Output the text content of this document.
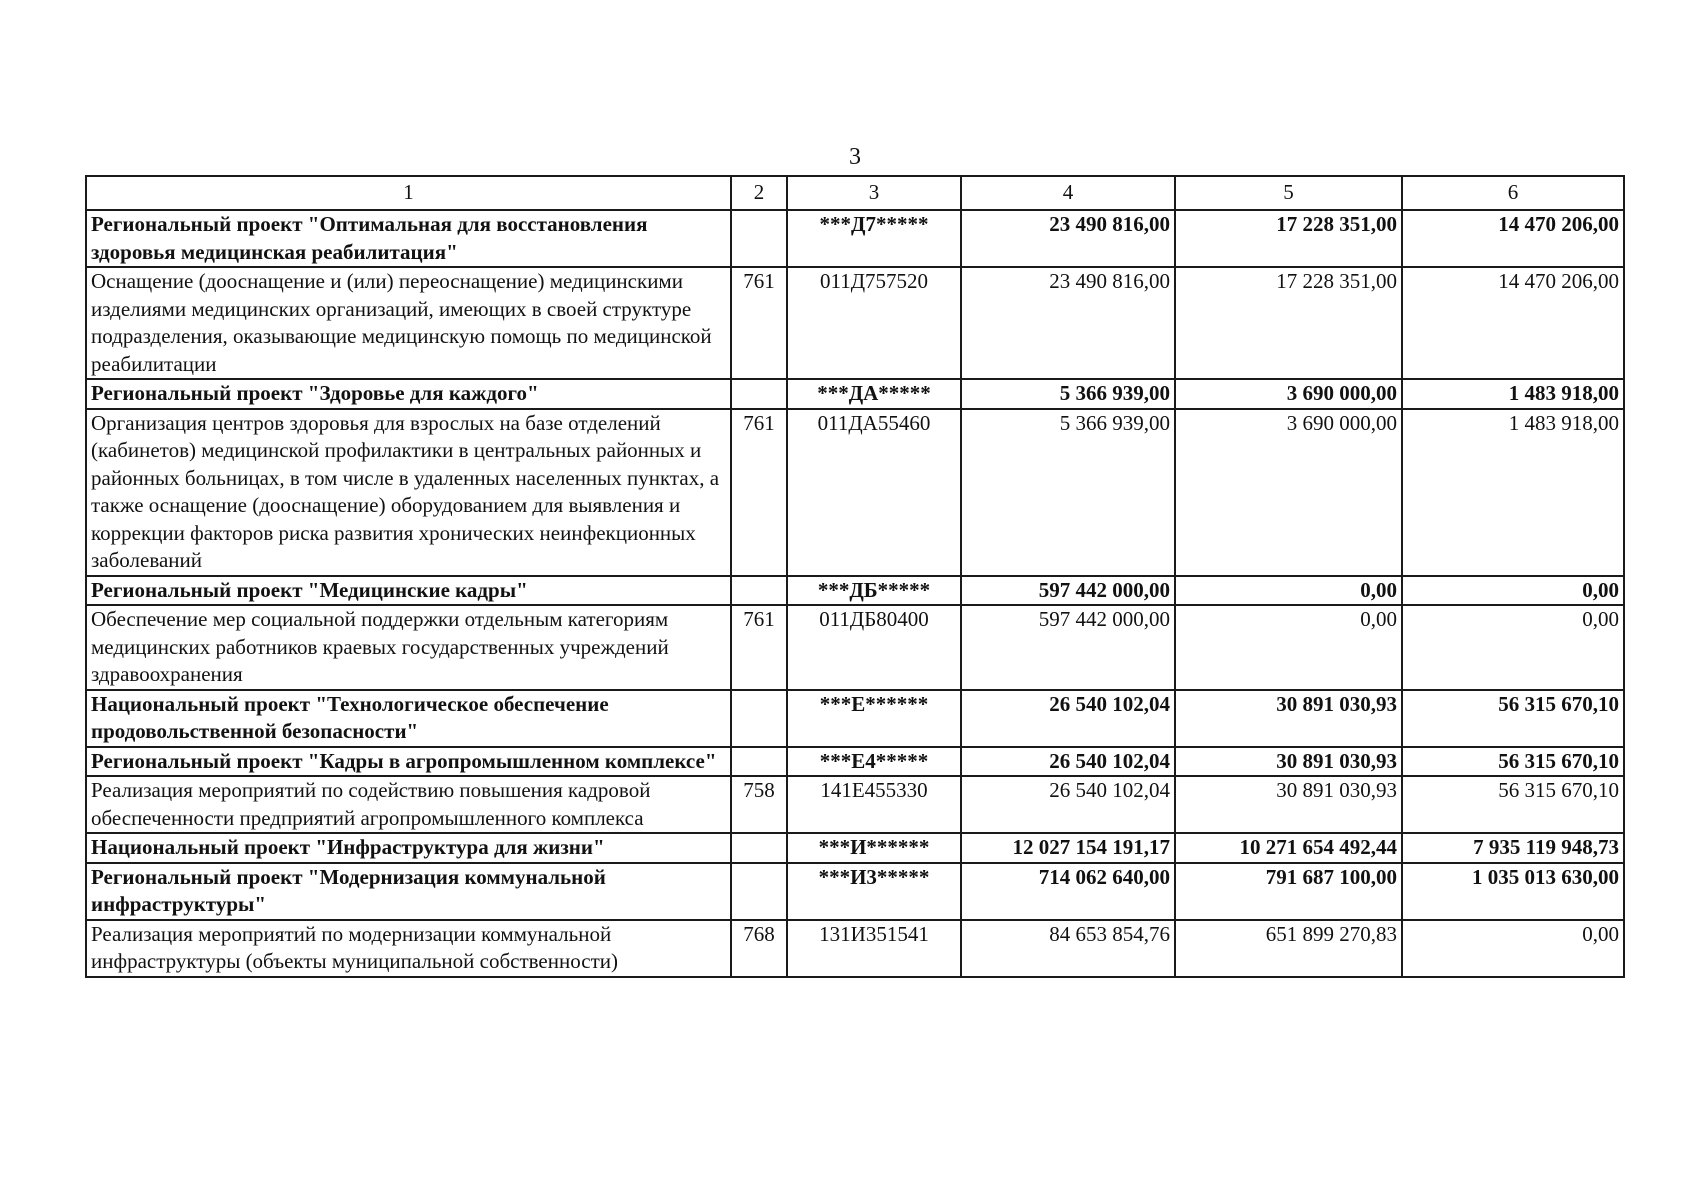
3
1	2	3	4	5	6
Региональный проект "Оптимальная для восстановления здоровья медицинская реабилитация"		***Д7*****	23 490 816,00	17 228 351,00	14 470 206,00
Оснащение (дооснащение и (или) переоснащение) медицинскими изделиями медицинских организаций, имеющих в своей структуре подразделения, оказывающие медицинскую помощь по медицинской реабилитации	761	011Д757520	23 490 816,00	17 228 351,00	14 470 206,00
Региональный проект "Здоровье для каждого"		***ДА*****	5 366 939,00	3 690 000,00	1 483 918,00
Организация центров здоровья для взрослых на базе отделений (кабинетов) медицинской профилактики в центральных районных и районных больницах, в том числе в удаленных населенных пунктах, а также оснащение (дооснащение) оборудованием для выявления и коррекции факторов риска развития хронических неинфекционных заболеваний	761	011ДА55460	5 366 939,00	3 690 000,00	1 483 918,00
Региональный проект "Медицинские кадры"		***ДБ*****	597 442 000,00	0,00	0,00
Обеспечение мер социальной поддержки отдельным категориям медицинских работников краевых государственных учреждений здравоохранения	761	011ДБ80400	597 442 000,00	0,00	0,00
Национальный проект "Технологическое обеспечение продовольственной безопасности"		***Е******	26 540 102,04	30 891 030,93	56 315 670,10
Региональный проект "Кадры в агропромышленном комплексе"		***Е4*****	26 540 102,04	30 891 030,93	56 315 670,10
Реализация мероприятий по содействию повышения кадровой обеспеченности предприятий агропромышленного комплекса	758	141Е455330	26 540 102,04	30 891 030,93	56 315 670,10
Национальный проект "Инфраструктура для жизни"		***И******	12 027 154 191,17	10 271 654 492,44	7 935 119 948,73
Региональный проект "Модернизация коммунальной инфраструктуры"		***И3*****	714 062 640,00	791 687 100,00	1 035 013 630,00
Реализация мероприятий по модернизации коммунальной инфраструктуры (объекты муниципальной собственности)	768	131И351541	84 653 854,76	651 899 270,83	0,00
